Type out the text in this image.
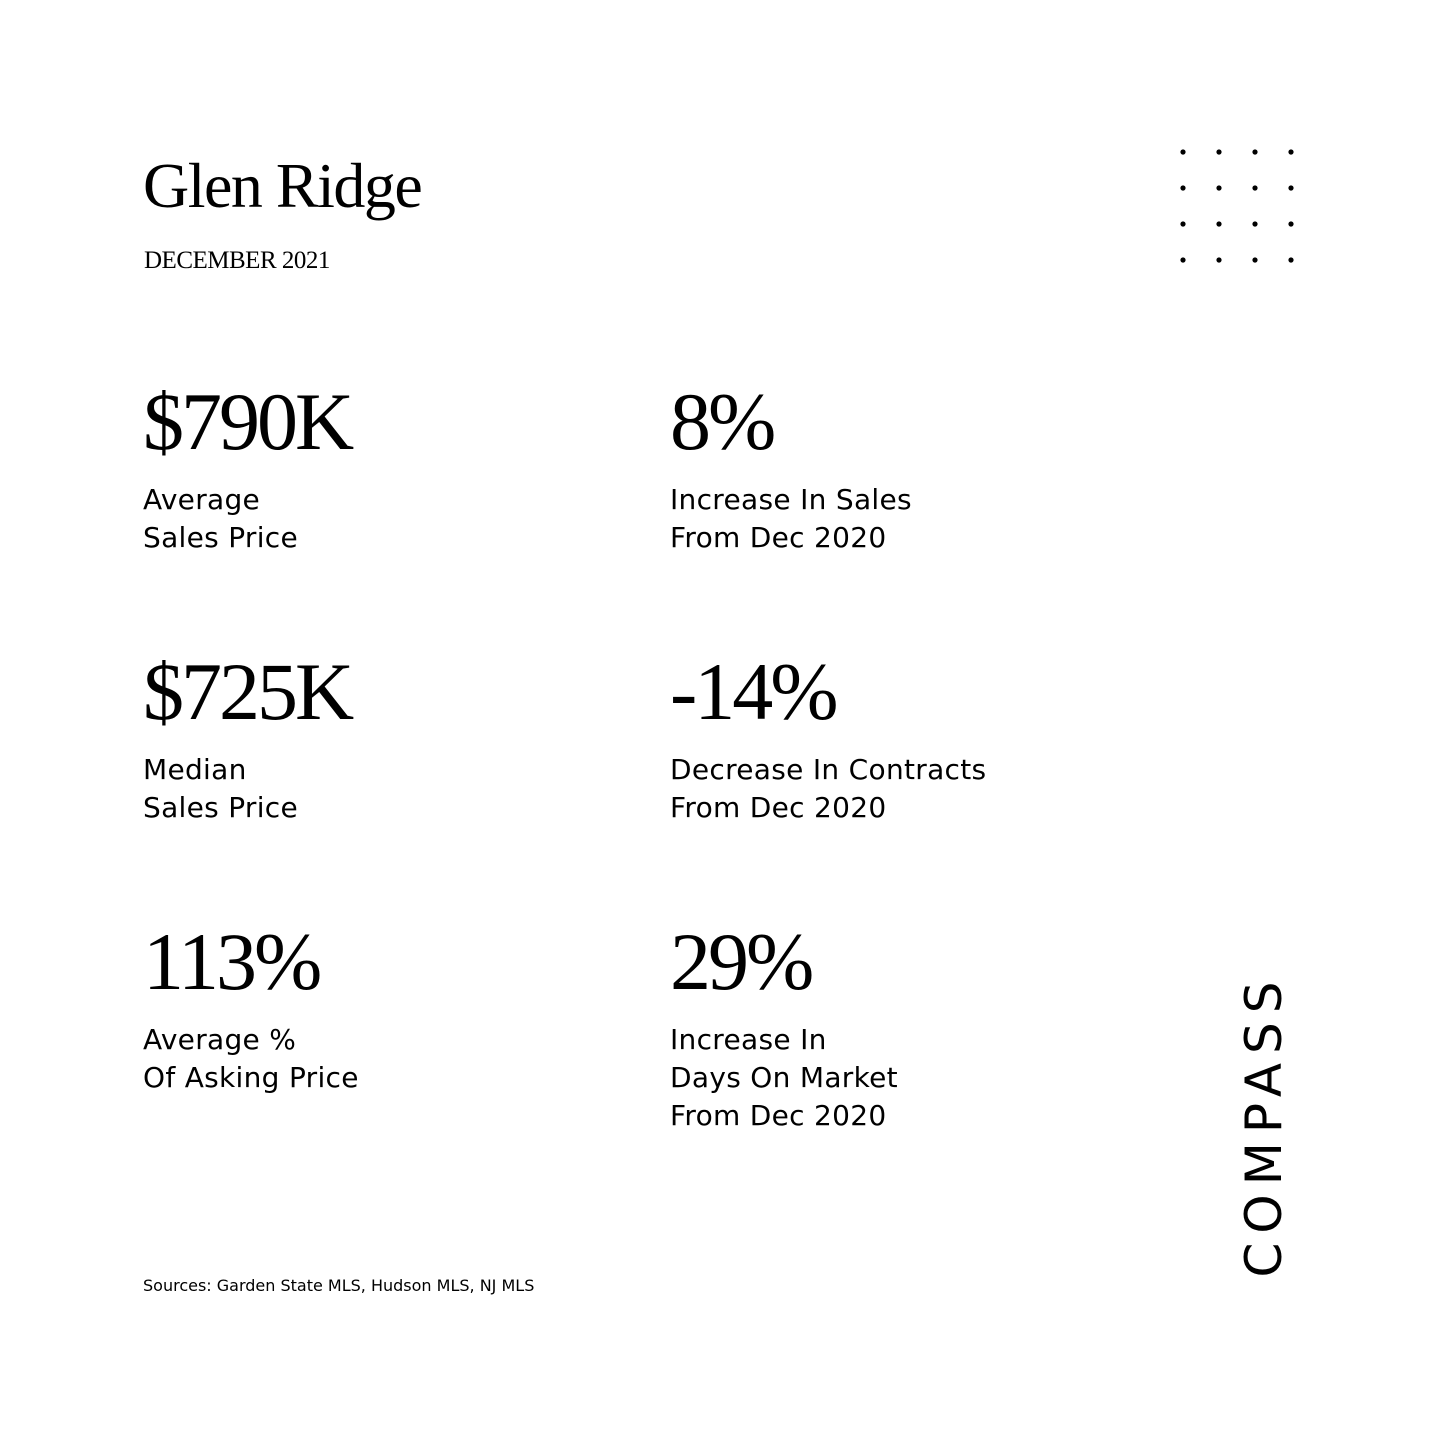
Glen Ridge
DECEMBER 2021
$790K
Average
Sales Price
8%
Increase In Sales
From Dec 2020
$725K
Median
Sales Price
-14%
Decrease In Contracts
From Dec 2020
113%
Average %
Of Asking Price
29%
Increase In
Days On Market
From Dec 2020
Sources: Garden State MLS, Hudson MLS, NJ MLS
COMPASS
